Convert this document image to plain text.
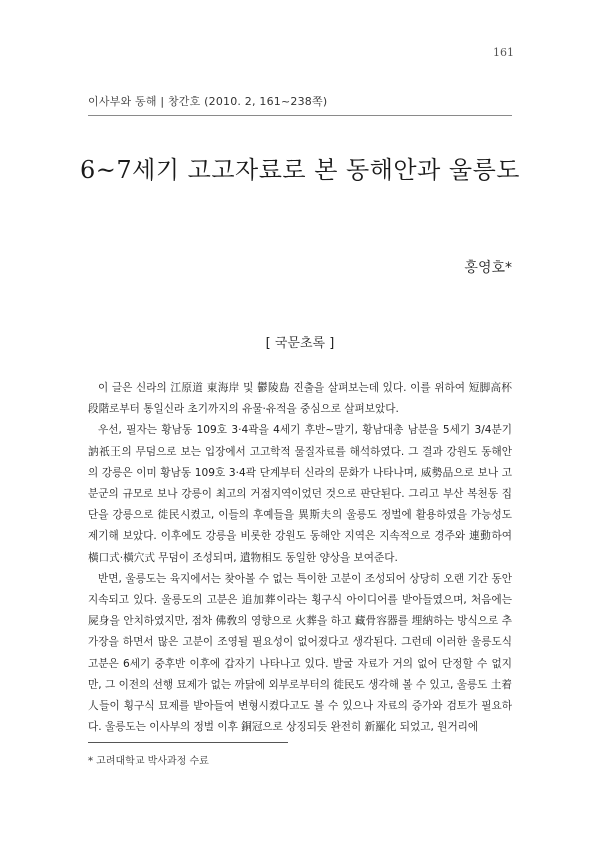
161
이사부와 동해 | 창간호 (2010. 2, 161~238쪽)
6~7세기 고고자료로 본 동해안과 울릉도
홍영호*
[ 국문초록 ]

이 글은 신라의 江原道 東海岸 및 鬱陵島 진출을 살펴보는데 있다. 이를 위하여 短脚高杯段階로부터 통일신라 초기까지의 유물·유적을 중심으로 살펴보았다.

우선, 필자는 황남동 109호 3·4곽을 4세기 후반~말기, 황남대총 남분을 5세기 3/4분기 訥祇王의 무덤으로 보는 입장에서 고고학적 물질자료를 해석하였다. 그 결과 강원도 동해안의 강릉은 이미 황남동 109호 3·4곽 단계부터 신라의 문화가 나타나며, 威勢品으로 보나 고분군의 규모로 보나 강릉이 최고의 거점지역이었던 것으로 판단된다. 그리고 부산 복천동 집단을 강릉으로 徙民시켰고, 이들의 후예들을 異斯夫의 울릉도 정벌에 활용하였을 가능성도 제기해 보았다. 이후에도 강릉을 비롯한 강원도 동해안 지역은 지속적으로 경주와 連動하여 橫口式·橫穴式 무덤이 조성되며, 遺物相도 동일한 양상을 보여준다.

반면, 울릉도는 육지에서는 찾아볼 수 없는 특이한 고분이 조성되어 상당히 오랜 기간 동안 지속되고 있다. 울릉도의 고분은 追加葬이라는 횡구식 아이디어를 받아들였으며, 처음에는 屍身을 안치하였지만, 점차 佛敎의 영향으로 火葬을 하고 藏骨容器를 埋納하는 방식으로 추가장을 하면서 많은 고분이 조영될 필요성이 없어졌다고 생각된다. 그런데 이러한 울릉도식 고분은 6세기 중후반 이후에 갑자기 나타나고 있다. 발굴 자료가 거의 없어 단정할 수 없지만, 그 이전의 선행 묘제가 없는 까닭에 외부로부터의 徙民도 생각해 볼 수 있고, 울릉도 土着人들이 횡구식 묘제를 받아들여 변형시켰다고도 볼 수 있으나 자료의 증가와 검토가 필요하다. 울릉도는 이사부의 정벌 이후 銅冠으로 상징되듯 완전히 新羅化 되었고, 원거리에

* 고려대학교 박사과정 수료
